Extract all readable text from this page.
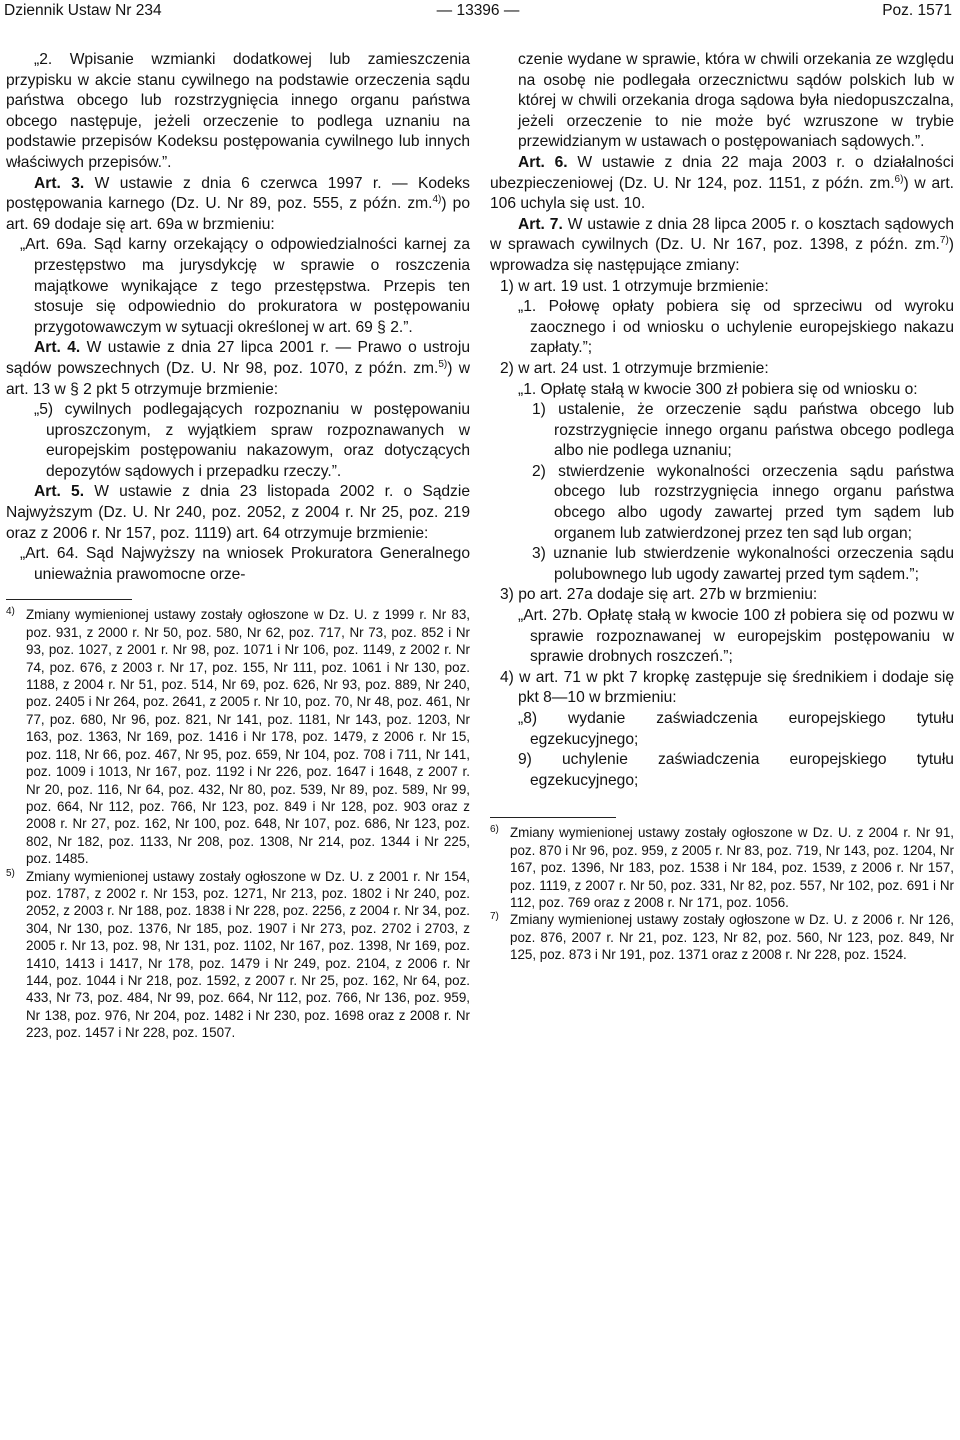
Dziennik Ustaw Nr 234	— 13396 —	Poz. 1571

„2. Wpisanie wzmianki dodatkowej lub zamieszczenia przypisku w akcie stanu cywilnego na podstawie orzeczenia sądu państwa obcego lub rozstrzygnięcia innego organu państwa obcego następuje, jeżeli orzeczenie to podlega uznaniu na podstawie przepisów Kodeksu postępowania cywilnego lub innych właściwych przepisów.”.

Art. 3. W ustawie z dnia 6 czerwca 1997 r. — Kodeks postępowania karnego (Dz. U. Nr 89, poz. 555, z późn. zm.$^{4)}$) po art. 69 dodaje się art. 69a w brzmieniu:

„Art. 69a. Sąd karny orzekający o odpowiedzialności karnej za przestępstwo ma jurysdykcję w sprawie o roszczenia majątkowe wynikające z tego przestępstwa. Przepis ten stosuje się odpowiednio do prokuratora w postępowaniu przygotowawczym w sytuacji określonej w art. 69 § 2.”.

Art. 4. W ustawie z dnia 27 lipca 2001 r. — Prawo o ustroju sądów powszechnych (Dz. U. Nr 98, poz. 1070, z późn. zm.$^{5)}$) w art. 13 w § 2 pkt 5 otrzymuje brzmienie:

„5) cywilnych podlegających rozpoznaniu w postępowaniu uproszczonym, z wyjątkiem spraw rozpoznawanych w europejskim postępowaniu nakazowym, oraz dotyczących depozytów sądowych i przepadku rzeczy.”.

Art. 5. W ustawie z dnia 23 listopada 2002 r. o Sądzie Najwyższym (Dz. U. Nr 240, poz. 2052, z 2004 r. Nr 25, poz. 219 oraz z 2006 r. Nr 157, poz. 1119) art. 64 otrzymuje brzmienie:

„Art. 64. Sąd Najwyższy na wniosek Prokuratora Generalnego unieważnia prawomocne orze-

4) Zmiany wymienionej ustawy zostały ogłoszone w Dz. U. z 1999 r. Nr 83, poz. 931, z 2000 r. Nr 50, poz. 580, Nr 62, poz. 717, Nr 73, poz. 852 i Nr 93, poz. 1027, z 2001 r. Nr 98, poz. 1071 i Nr 106, poz. 1149, z 2002 r. Nr 74, poz. 676, z 2003 r. Nr 17, poz. 155, Nr 111, poz. 1061 i Nr 130, poz. 1188, z 2004 r. Nr 51, poz. 514, Nr 69, poz. 626, Nr 93, poz. 889, Nr 240, poz. 2405 i Nr 264, poz. 2641, z 2005 r. Nr 10, poz. 70, Nr 48, poz. 461, Nr 77, poz. 680, Nr 96, poz. 821, Nr 141, poz. 1181, Nr 143, poz. 1203, Nr 163, poz. 1363, Nr 169, poz. 1416 i Nr 178, poz. 1479, z 2006 r. Nr 15, poz. 118, Nr 66, poz. 467, Nr 95, poz. 659, Nr 104, poz. 708 i 711, Nr 141, poz. 1009 i 1013, Nr 167, poz. 1192 i Nr 226, poz. 1647 i 1648, z 2007 r. Nr 20, poz. 116, Nr 64, poz. 432, Nr 80, poz. 539, Nr 89, poz. 589, Nr 99, poz. 664, Nr 112, poz. 766, Nr 123, poz. 849 i Nr 128, poz. 903 oraz z 2008 r. Nr 27, poz. 162, Nr 100, poz. 648, Nr 107, poz. 686, Nr 123, poz. 802, Nr 182, poz. 1133, Nr 208, poz. 1308, Nr 214, poz. 1344 i Nr 225, poz. 1485.
5) Zmiany wymienionej ustawy zostały ogłoszone w Dz. U. z 2001 r. Nr 154, poz. 1787, z 2002 r. Nr 153, poz. 1271, Nr 213, poz. 1802 i Nr 240, poz. 2052, z 2003 r. Nr 188, poz. 1838 i Nr 228, poz. 2256, z 2004 r. Nr 34, poz. 304, Nr 130, poz. 1376, Nr 185, poz. 1907 i Nr 273, poz. 2702 i 2703, z 2005 r. Nr 13, poz. 98, Nr 131, poz. 1102, Nr 167, poz. 1398, Nr 169, poz. 1410, 1413 i 1417, Nr 178, poz. 1479 i Nr 249, poz. 2104, z 2006 r. Nr 144, poz. 1044 i Nr 218, poz. 1592, z 2007 r. Nr 25, poz. 162, Nr 64, poz. 433, Nr 73, poz. 484, Nr 99, poz. 664, Nr 112, poz. 766, Nr 136, poz. 959, Nr 138, poz. 976, Nr 204, poz. 1482 i Nr 230, poz. 1698 oraz z 2008 r. Nr 223, poz. 1457 i Nr 228, poz. 1507.

czenie wydane w sprawie, która w chwili orzekania ze względu na osobę nie podlegała orzecznictwu sądów polskich lub w której w chwili orzekania droga sądowa była niedopuszczalna, jeżeli orzeczenie to nie może być wzruszone w trybie przewidzianym w ustawach o postępowaniach sądowych.”.

Art. 6. W ustawie z dnia 22 maja 2003 r. o działalności ubezpieczeniowej (Dz. U. Nr 124, poz. 1151, z późn. zm.$^{6)}$) w art. 106 uchyla się ust. 10.

Art. 7. W ustawie z dnia 28 lipca 2005 r. o kosztach sądowych w sprawach cywilnych (Dz. U. Nr 167, poz. 1398, z późn. zm.$^{7)}$) wprowadza się następujące zmiany:

1) w art. 19 ust. 1 otrzymuje brzmienie:

„1. Połowę opłaty pobiera się od sprzeciwu od wyroku zaocznego i od wniosku o uchylenie europejskiego nakazu zapłaty.”;

2) w art. 24 ust. 1 otrzymuje brzmienie:

„1. Opłatę stałą w kwocie 300 zł pobiera się od wniosku o:

1) ustalenie, że orzeczenie sądu państwa obcego lub rozstrzygnięcie innego organu państwa obcego podlega albo nie podlega uznaniu;

2) stwierdzenie wykonalności orzeczenia sądu państwa obcego lub rozstrzygnięcia innego organu państwa obcego albo ugody zawartej przed tym sądem lub organem lub zatwierdzonej przez ten sąd lub organ;

3) uznanie lub stwierdzenie wykonalności orzeczenia sądu polubownego lub ugody zawartej przed tym sądem.”;

3) po art. 27a dodaje się art. 27b w brzmieniu:

„Art. 27b. Opłatę stałą w kwocie 100 zł pobiera się od pozwu w sprawie rozpoznawanej w europejskim postępowaniu w sprawie drobnych roszczeń.”;

4) w art. 71 w pkt 7 kropkę zastępuje się średnikiem i dodaje się pkt 8—10 w brzmieniu:

„8) wydanie zaświadczenia europejskiego tytułu egzekucyjnego;

9) uchylenie zaświadczenia europejskiego tytułu egzekucyjnego;

6) Zmiany wymienionej ustawy zostały ogłoszone w Dz. U. z 2004 r. Nr 91, poz. 870 i Nr 96, poz. 959, z 2005 r. Nr 83, poz. 719, Nr 143, poz. 1204, Nr 167, poz. 1396, Nr 183, poz. 1538 i Nr 184, poz. 1539, z 2006 r. Nr 157, poz. 1119, z 2007 r. Nr 50, poz. 331, Nr 82, poz. 557, Nr 102, poz. 691 i Nr 112, poz. 769 oraz z 2008 r. Nr 171, poz. 1056.
7) Zmiany wymienionej ustawy zostały ogłoszone w Dz. U. z 2006 r. Nr 126, poz. 876, 2007 r. Nr 21, poz. 123, Nr 82, poz. 560, Nr 123, poz. 849, Nr 125, poz. 873 i Nr 191, poz. 1371 oraz z 2008 r. Nr 228, poz. 1524.
